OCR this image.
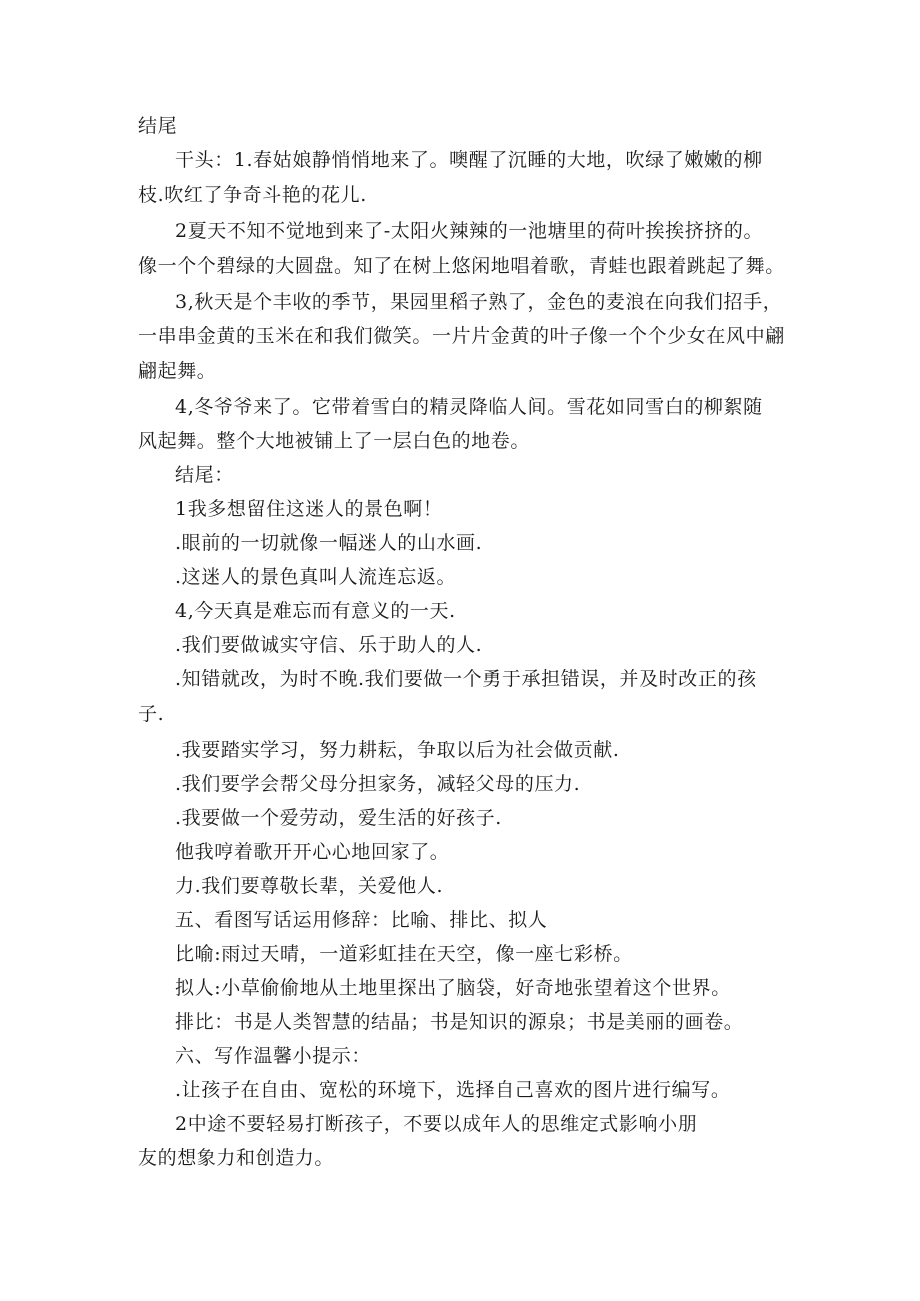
结尾

干头：1.春姑娘静悄悄地来了。噢醒了沉睡的大地，吹绿了嫩嫩的柳

枝.吹红了争奇斗艳的花儿.

2夏天不知不觉地到来了-太阳火辣辣的一池塘里的荷叶挨挨挤挤的。

像一个个碧绿的大圆盘。知了在树上悠闲地唱着歌，青蛙也跟着跳起了舞。

3,秋天是个丰收的季节，果园里稻子熟了，金色的麦浪在向我们招手，

一串串金黄的玉米在和我们微笑。一片片金黄的叶子像一个个少女在风中翩

翩起舞。

4,冬爷爷来了。它带着雪白的精灵降临人间。雪花如同雪白的柳絮随

风起舞。整个大地被铺上了一层白色的地卷。

结尾：

1我多想留住这迷人的景色啊！

.眼前的一切就像一幅迷人的山水画.

.这迷人的景色真叫人流连忘返。

4,今天真是难忘而有意义的一天.

.我们要做诚实守信、乐于助人的人.

.知错就改，为时不晚.我们要做一个勇于承担错误，并及时改正的孩

子.

.我要踏实学习，努力耕耘，争取以后为社会做贡献.

.我们要学会帮父母分担家务，减轻父母的压力.

.我要做一个爱劳动，爱生活的好孩子.

他我哼着歌开开心心地回家了。

力.我们要尊敬长辈，关爱他人.

五、看图写话运用修辞：比喻、排比、拟人

比喻:雨过天晴，一道彩虹挂在天空，像一座七彩桥。

拟人:小草偷偷地从土地里探出了脑袋，好奇地张望着这个世界。

排比：书是人类智慧的结晶；书是知识的源泉；书是美丽的画卷。

六、写作温馨小提示：

.让孩子在自由、宽松的环境下，选择自己喜欢的图片进行编写。

2中途不要轻易打断孩子，不要以成年人的思维定式影响小朋

友的想象力和创造力。
